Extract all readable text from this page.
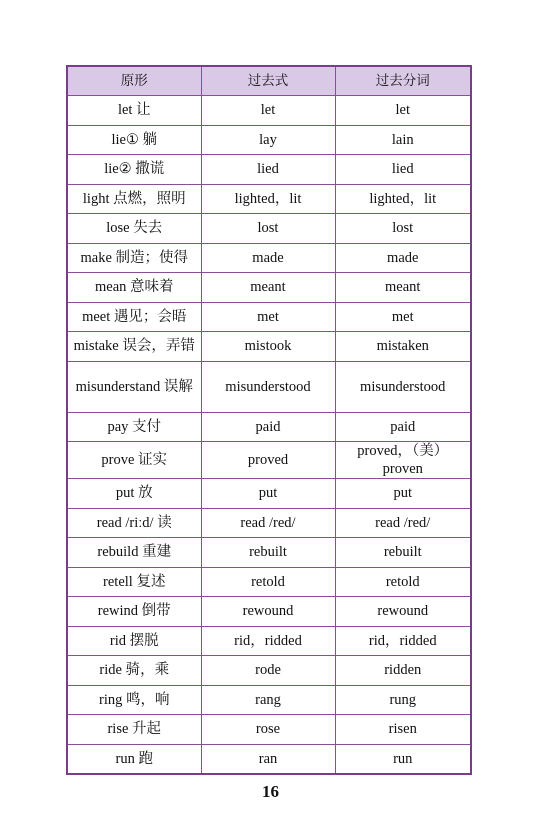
原形	过去式	过去分词
let 让	let	let
lie① 躺	lay	lain
lie② 撒谎	lied	lied
light 点燃，照明	lighted，lit	lighted，lit
lose 失去	lost	lost
make 制造；使得	made	made
mean 意味着	meant	meant
meet 遇见；会晤	met	met
mistake 误会，弄错	mistook	mistaken
misunderstand 误解	misunderstood	misunderstood
pay 支付	paid	paid
prove 证实	proved	proved，（美）proven
put 放	put	put
read /riːd/ 读	read /red/	read /red/
rebuild 重建	rebuilt	rebuilt
retell 复述	retold	retold
rewind 倒带	rewound	rewound
rid 摆脱	rid，ridded	rid，ridded
ride 骑，乘	rode	ridden
ring 鸣，响	rang	rung
rise 升起	rose	risen
run 跑	ran	run
16
